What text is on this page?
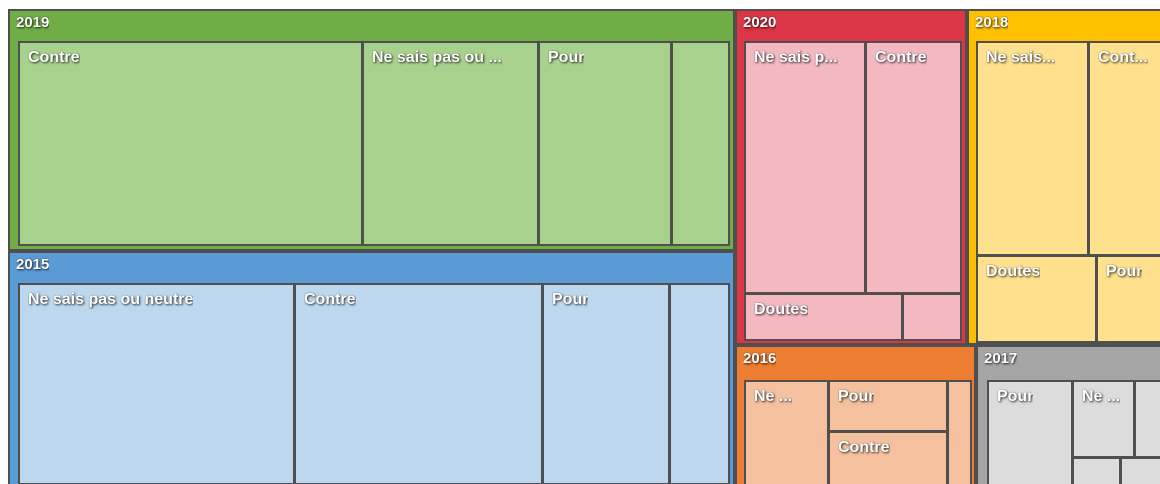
2019
Contre	Ne sais pas ou ...	Pour
2015
Ne sais pas ou neutre	Contre	Pour
2020
Ne sais p... Contre
Doutes
2018
Ne sais...	Cont...
Doutes	Pour
2016
Ne ...	Pour
Contre
2017
Pour	Ne ...
